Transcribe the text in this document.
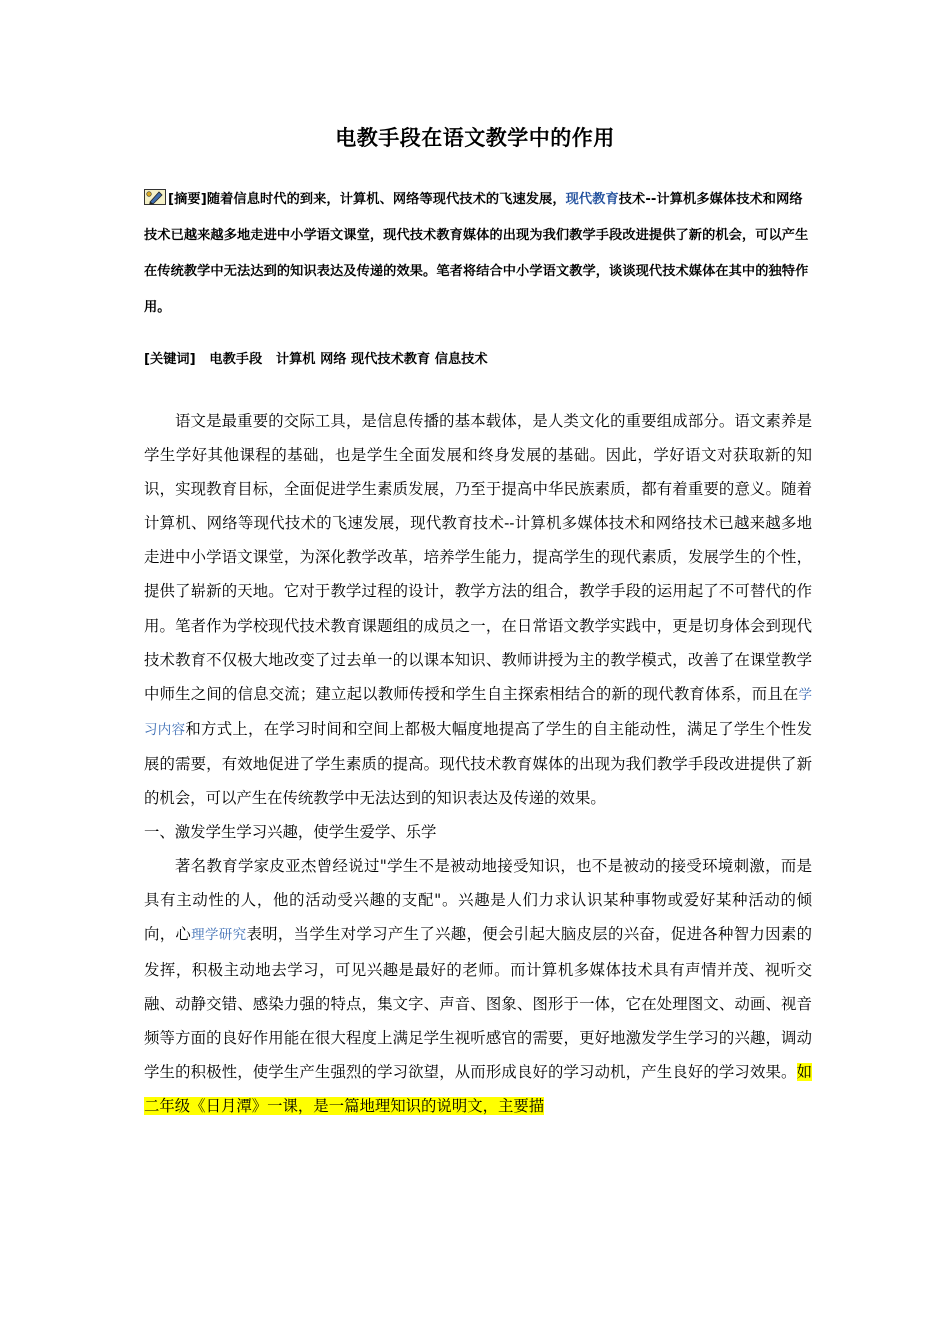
电教手段在语文教学中的作用
[摘要]随着信息时代的到来，计算机、网络等现代技术的飞速发展，现代教育技术--计算机多媒体技术和网络技术已越来越多地走进中小学语文课堂，现代技术教育媒体的出现为我们教学手段改进提供了新的机会，可以产生在传统教学中无法达到的知识表达及传递的效果。笔者将结合中小学语文教学，谈谈现代技术媒体在其中的独特作用。
[关键词] 电教手段   计算机 网络 现代技术教育 信息技术

语文是最重要的交际工具，是信息传播的基本载体，是人类文化的重要组成部分。语文素养是学生学好其他课程的基础，也是学生全面发展和终身发展的基础。因此，学好语文对获取新的知识，实现教育目标，全面促进学生素质发展，乃至于提高中华民族素质，都有着重要的意义。随着计算机、网络等现代技术的飞速发展，现代教育技术--计算机多媒体技术和网络技术已越来越多地走进中小学语文课堂，为深化教学改革，培养学生能力，提高学生的现代素质，发展学生的个性，提供了崭新的天地。它对于教学过程的设计，教学方法的组合，教学手段的运用起了不可替代的作用。笔者作为学校现代技术教育课题组的成员之一，在日常语文教学实践中，更是切身体会到现代技术教育不仅极大地改变了过去单一的以课本知识、教师讲授为主的教学模式，改善了在课堂教学中师生之间的信息交流；建立起以教师传授和学生自主探索相结合的新的现代教育体系，而且在学习内容和方式上，在学习时间和空间上都极大幅度地提高了学生的自主能动性，满足了学生个性发展的需要，有效地促进了学生素质的提高。现代技术教育媒体的出现为我们教学手段改进提供了新的机会，可以产生在传统教学中无法达到的知识表达及传递的效果。

一、激发学生学习兴趣，使学生爱学、乐学

著名教育学家皮亚杰曾经说过"学生不是被动地接受知识，也不是被动的接受环境刺激，而是具有主动性的人，他的活动受兴趣的支配"。兴趣是人们力求认识某种事物或爱好某种活动的倾向，心理学研究表明，当学生对学习产生了兴趣，便会引起大脑皮层的兴奋，促进各种智力因素的发挥，积极主动地去学习，可见兴趣是最好的老师。而计算机多媒体技术具有声情并茂、视听交融、动静交错、感染力强的特点，集文字、声音、图象、图形于一体，它在处理图文、动画、视音频等方面的良好作用能在很大程度上满足学生视听感官的需要，更好地激发学生学习的兴趣，调动学生的积极性，使学生产生强烈的学习欲望，从而形成良好的学习动机，产生良好的学习效果。如二年级《日月潭》一课，是一篇地理知识的说明文，主要描
